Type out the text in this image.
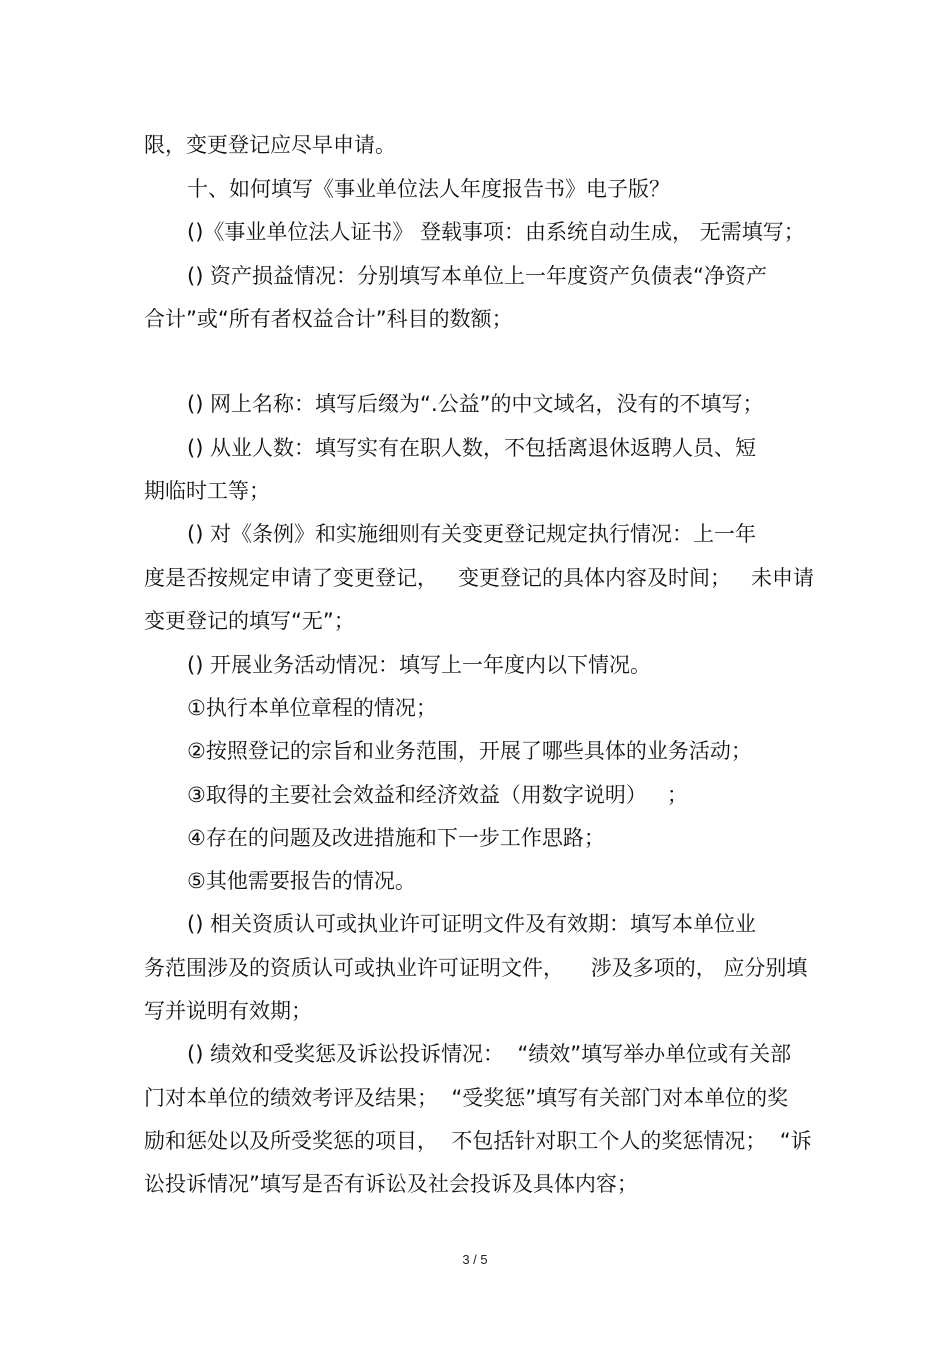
限，变更登记应尽早申请。
十、如何填写《事业单位法人年度报告书》电子版？
()《事业单位法人证书》 登载事项：由系统自动生成， 无需填写；
() 资产损益情况：分别填写本单位上一年度资产负债表“净资产
合计”或“所有者权益合计”科目的数额；
() 网上名称：填写后缀为“.公益”的中文域名，没有的不填写；
() 从业人数：填写实有在职人数，不包括离退休返聘人员、短
期临时工等；
() 对《条例》和实施细则有关变更登记规定执行情况：上一年
度是否按规定申请了变更登记，   变更登记的具体内容及时间；   未申请
变更登记的填写“无”；
() 开展业务活动情况：填写上一年度内以下情况。
①执行本单位章程的情况；
②按照登记的宗旨和业务范围，开展了哪些具体的业务活动；
③取得的主要社会效益和经济效益（用数字说明）   ；
④存在的问题及改进措施和下一步工作思路；
⑤其他需要报告的情况。
() 相关资质认可或执业许可证明文件及有效期：填写本单位业
务范围涉及的资质认可或执业许可证明文件，    涉及多项的， 应分别填
写并说明有效期；
() 绩效和受奖惩及诉讼投诉情况：  “绩效”填写举办单位或有关部
门对本单位的绩效考评及结果；  “受奖惩”填写有关部门对本单位的奖
励和惩处以及所受奖惩的项目，  不包括针对职工个人的奖惩情况；  “诉
讼投诉情况”填写是否有诉讼及社会投诉及具体内容；
3 / 5
